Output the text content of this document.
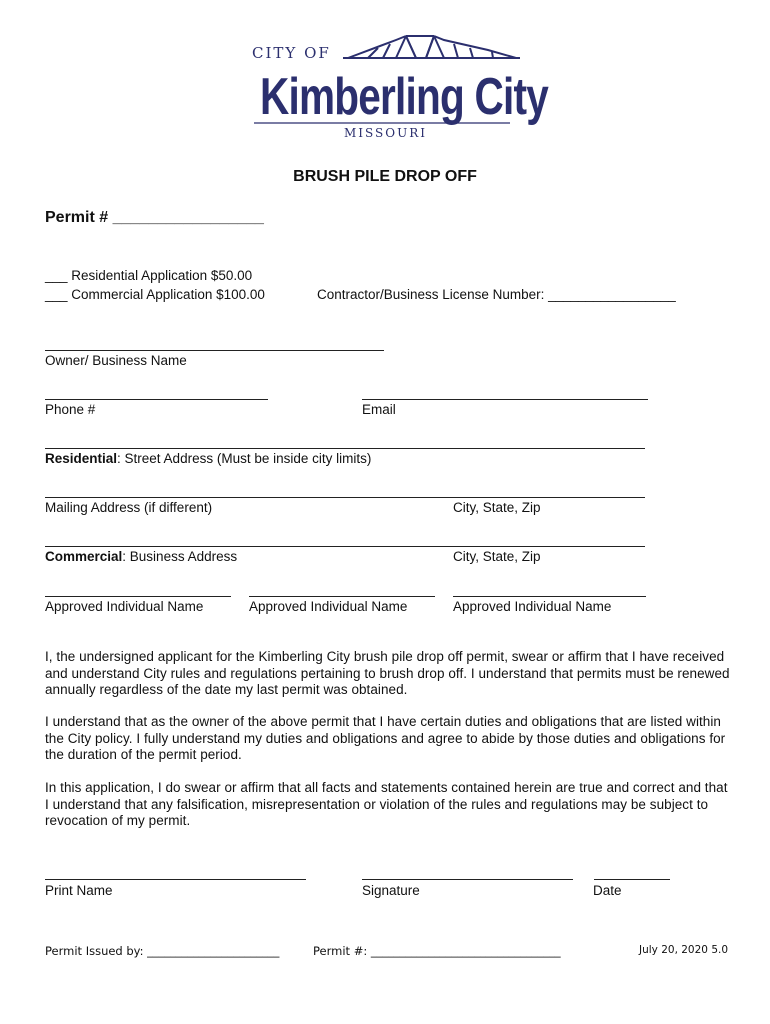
CITY OF
Kimberling City
MISSOURI
BRUSH PILE DROP OFF
Permit # _________________
___ Residential Application $50.00
___ Commercial Application $100.00	Contractor/Business License Number: _________________
Owner/ Business Name
Phone #	Email
Residential: Street Address (Must be inside city limits)
Mailing Address (if different)	City, State, Zip
Commercial: Business Address	City, State, Zip
Approved Individual Name	Approved Individual Name	Approved Individual Name
I, the undersigned applicant for the Kimberling City brush pile drop off permit, swear or affirm that I have received and understand City rules and regulations pertaining to brush drop off. I understand that permits must be renewed annually regardless of the date my last permit was obtained.
I understand that as the owner of the above permit that I have certain duties and obligations that are listed within the City policy. I fully understand my duties and obligations and agree to abide by those duties and obligations for the duration of the permit period.
In this application, I do swear or affirm that all facts and statements contained herein are true and correct and that I understand that any falsification, misrepresentation or violation of the rules and regulations may be subject to revocation of my permit.
Print Name	Signature	Date
Permit Issued by: _______________________	Permit #: _________________________________	July 20, 2020 5.0
